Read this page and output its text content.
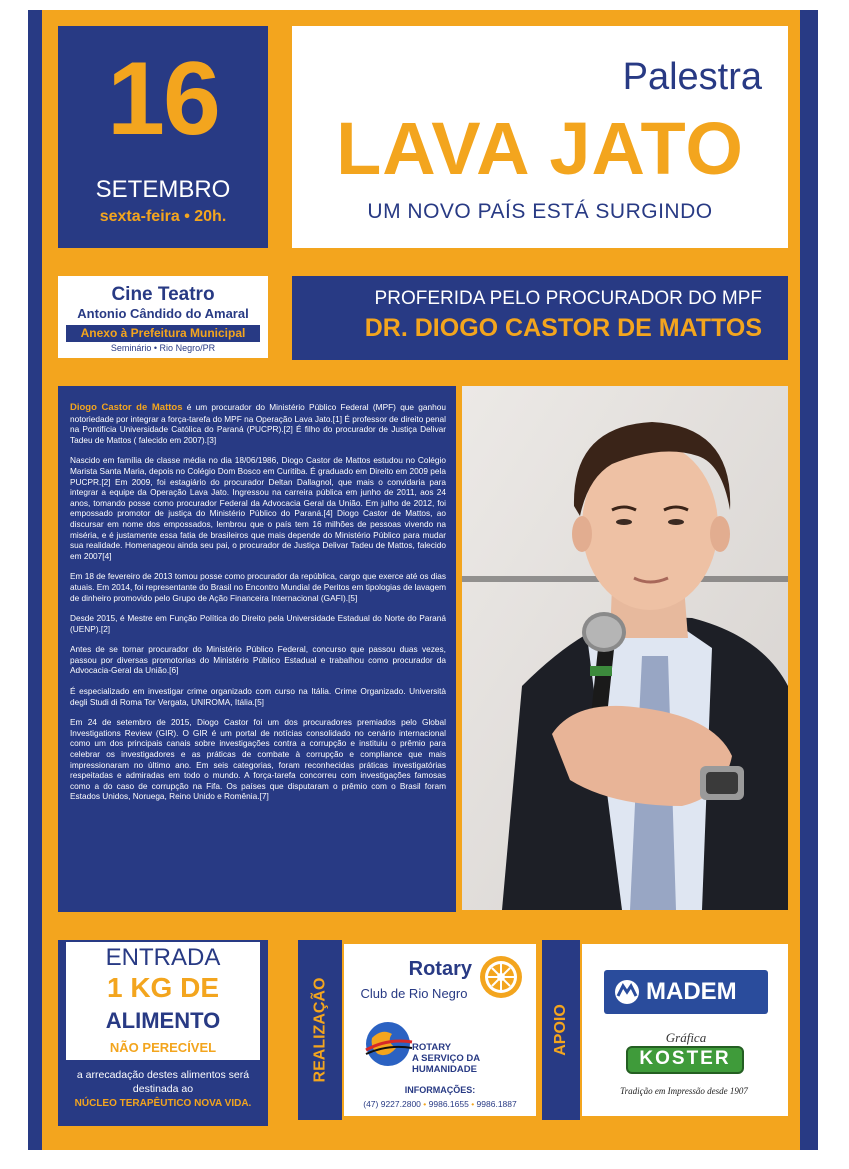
16
SETEMBRO
sexta-feira • 20h.
Palestra
LAVA JATO
UM NOVO PAÍS ESTÁ SURGINDO
Cine Teatro
Antonio Cândido do Amaral
Anexo à Prefeitura Municipal
Seminário • Rio Negro/PR
PROFERIDA PELO PROCURADOR DO MPF
DR. DIOGO CASTOR DE MATTOS

Diogo Castor de Mattos é um procurador do Ministério Público Federal (MPF) que ganhou notoriedade por integrar a força-tarefa do MPF na Operação Lava Jato.[1] É professor de direito penal na Pontifícia Universidade Católica do Paraná (PUCPR).[2] É filho do procurador de Justiça Delivar Tadeu de Mattos ( falecido em 2007).[3]

Nascido em família de classe média no dia 18/06/1986, Diogo Castor de Mattos estudou no Colégio Marista Santa Maria, depois no Colégio Dom Bosco em Curitiba. É graduado em Direito em 2009 pela PUCPR.[2] Em 2009, foi estagiário do procurador Deltan Dallagnol, que mais o convidaria para integrar a equipe da Operação Lava Jato. Ingressou na carreira pública em junho de 2011, aos 24 anos, tomando posse como procurador Federal da Advocacia Geral da União. Em julho de 2012, foi empossado promotor de justiça do Ministério Público do Paraná.[4] Diogo Castor de Mattos, ao discursar em nome dos empossados, lembrou que o país tem 16 milhões de pessoas vivendo na miséria, e é justamente essa fatia de brasileiros que mais depende do Ministério Público para mudar sua realidade. Homenageou ainda seu pai, o procurador de Justiça Delivar Tadeu de Mattos, falecido em 2007[4]

Em 18 de fevereiro de 2013 tomou posse como procurador da república, cargo que exerce até os dias atuais. Em 2014, foi representante do Brasil no Encontro Mundial de Peritos em tipologias de lavagem de dinheiro promovido pelo Grupo de Ação Financeira Internacional (GAFI).[5]

Desde 2015, é Mestre em Função Política do Direito pela Universidade Estadual do Norte do Paraná (UENP).[2]

Antes de se tornar procurador do Ministério Público Federal, concurso que passou duas vezes, passou por diversas promotorias do Ministério Público Estadual e trabalhou como procurador da Advocacia-Geral da União.[6]

É especializado em investigar crime organizado com curso na Itália. Crime Organizado. Università degli Studi di Roma Tor Vergata, UNIROMA, Itália.[5]

Em 24 de setembro de 2015, Diogo Castor foi um dos procuradores premiados pelo Global Investigations Review (GIR). O GIR é um portal de notícias consolidado no cenário internacional como um dos principais canais sobre investigações contra a corrupção e instituiu o prêmio para celebrar os investigadores e as práticas de combate à corrupção e compliance que mais impressionaram no último ano. Em seis categorias, foram reconhecidas práticas investigatórias respeitadas e admiradas em todo o mundo. A força-tarefa concorreu com investigações famosas como a do caso de corrupção na Fifa. Os países que disputaram o prêmio com o Brasil foram Estados Unidos, Noruega, Reino Unido e Romênia.[7]

ENTRADA
1 KG DE
ALIMENTO
NÃO PERECÍVEL
a arrecadação destes alimentos será destinada ao
NÚCLEO TERAPÊUTICO NOVA VIDA.
REALIZAÇÃO
Rotary
Club de Rio Negro
ROTARY
A SERVIÇO DA
HUMANIDADE
INFORMAÇÕES:
(47) 9227.2800 • 9986.1655 • 9986.1887
APOIO
MADEM
Gráfica
KOSTER
Tradição em Impressão desde 1907
